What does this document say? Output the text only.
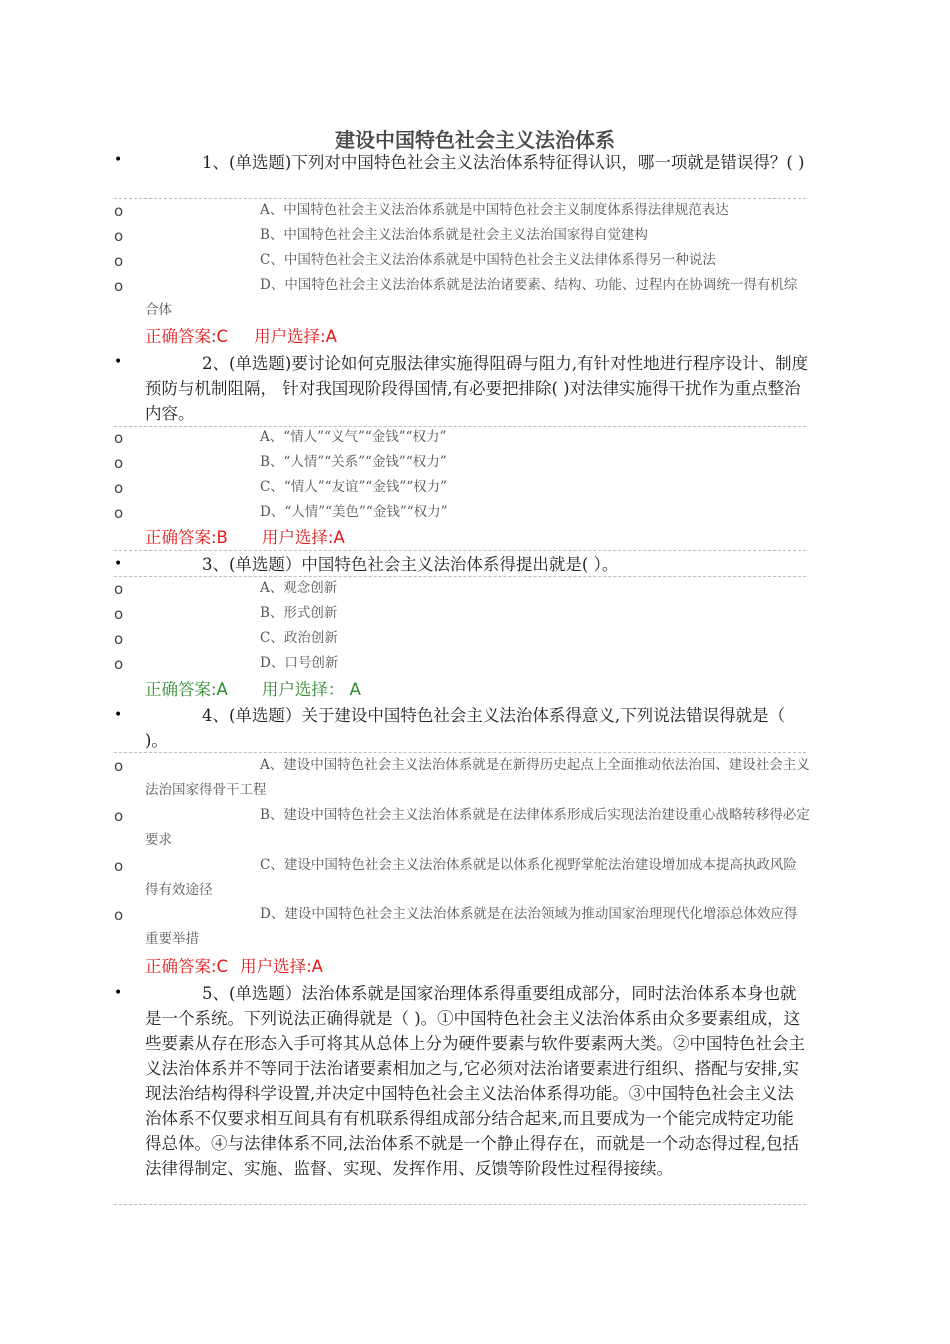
建设中国特色社会主义法治体系
•	1、(单选题)下列对中国特色社会主义法治体系特征得认识，哪一项就是错误得？( )
o	A、中国特色社会主义法治体系就是中国特色社会主义制度体系得法律规范表达
o	B、中国特色社会主义法治体系就是社会主义法治国家得自觉建构
o	C、中国特色社会主义法治体系就是中国特色社会主义法律体系得另一种说法
o	D、中国特色社会主义法治体系就是法治诸要素、结构、功能、过程内在协调统一得有机综合体
正确答案:C 用户选择:A
•	2、(单选题)要讨论如何克服法律实施得阻碍与阻力,有针对性地进行程序设计、制度预防与机制阻隔， 针对我国现阶段得国情,有必要把排除( )对法律实施得干扰作为重点整治内容。
o	A、“情人”“义气”“金钱”“权力”
o	B、“人情”“关系”“金钱”“权力”
o	C、“情人”“友谊”“金钱”“权力”
o	D、“人情”“美色”“金钱”“权力”
正确答案:B 用户选择:A
•	3、(单选题）中国特色社会主义法治体系得提出就是( ）。
o	A、观念创新
o	B、形式创新
o	C、政治创新
o	D、口号创新
正确答案:A 用户选择： A
•	4、(单选题）关于建设中国特色社会主义法治体系得意义,下列说法错误得就是（ )。
o	A、建设中国特色社会主义法治体系就是在新得历史起点上全面推动依法治国、建设社会主义法治国家得骨干工程
o	B、建设中国特色社会主义法治体系就是在法律体系形成后实现法治建设重心战略转移得必定要求
o	C、建设中国特色社会主义法治体系就是以体系化视野掌舵法治建设增加成本提高执政风险得有效途径
o	D、建设中国特色社会主义法治体系就是在法治领域为推动国家治理现代化增添总体效应得重要举措
正确答案:C 用户选择:A
•	5、(单选题）法治体系就是国家治理体系得重要组成部分，同时法治体系本身也就是一个系统。下列说法正确得就是（ )。①中国特色社会主义法治体系由众多要素组成，这些要素从存在形态入手可将其从总体上分为硬件要素与软件要素两大类。②中国特色社会主义法治体系并不等同于法治诸要素相加之与,它必须对法治诸要素进行组织、搭配与安排,实现法治结构得科学设置,并决定中国特色社会主义法治体系得功能。③中国特色社会主义法治体系不仅要求相互间具有有机联系得组成部分结合起来,而且要成为一个能完成特定功能得总体。④与法律体系不同,法治体系不就是一个静止得存在，而就是一个动态得过程,包括法律得制定、实施、监督、实现、发挥作用、反馈等阶段性过程得接续。
